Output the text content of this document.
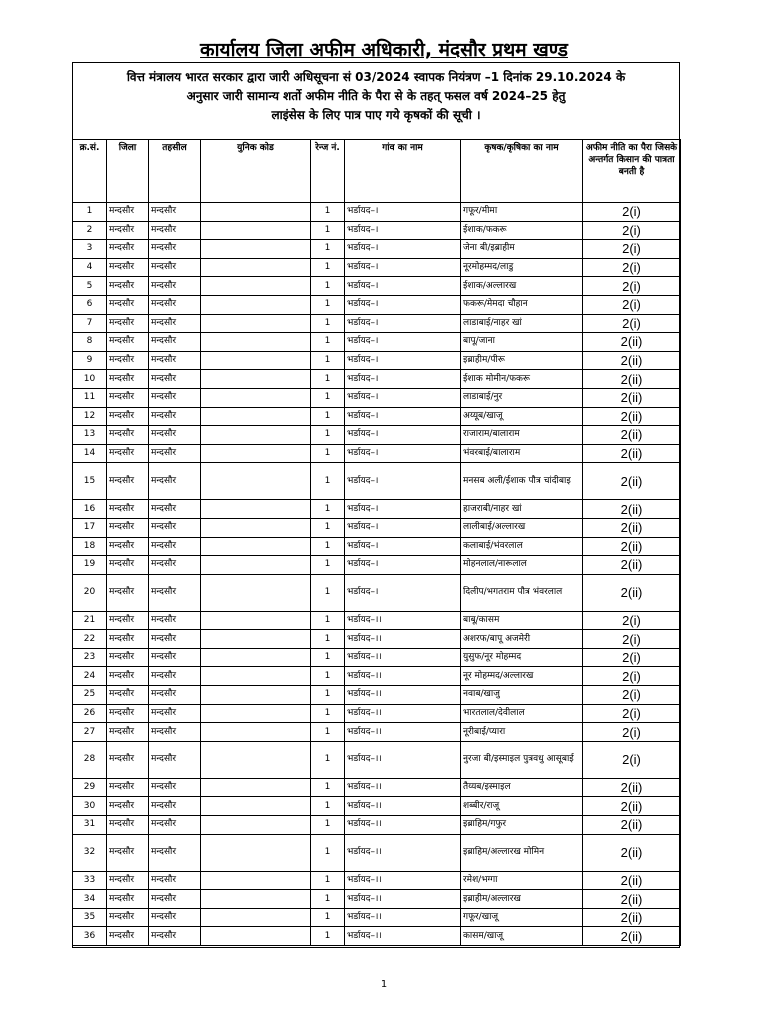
कार्यालय जिला अफीम अधिकारी, मंदसौर प्रथम खण्ड
वित्त मंत्रालय भारत सरकार द्वारा जारी अधिसूचना सं 03/2024 स्वापक नियंत्रण –1 दिनांक 29.10.2024 के
अनुसार जारी सामान्य शर्तो अफीम नीति के पैरा से के तहत् फसल वर्ष 2024–25 हेतु
लाइंसेस के लिए पात्र पाए गये कृषकों की सूची ।
क्र.सं.	जिला	तहसील	युनिक कोड	रेन्ज नं.	गांव का नाम	कृषक/कृषिका का नाम	अफीम नीति का पैरा जिसके अन्तर्गत किसान की पात्रता बनती है
1	मन्दसौर	मन्दसौर		1	भर्डायद–।	गफूर/मीमा	2(i)
2	मन्दसौर	मन्दसौर		1	भर्डायद–।	ईशाक/फकरू	2(i)
3	मन्दसौर	मन्दसौर		1	भर्डायद–।	जेना बी/इब्राहीम	2(i)
4	मन्दसौर	मन्दसौर		1	भर्डायद–।	नूरमोहम्मद/लाडु	2(i)
5	मन्दसौर	मन्दसौर		1	भर्डायद–।	ईशाक/अल्लारख	2(i)
6	मन्दसौर	मन्दसौर		1	भर्डायद–।	फकरू/मेमदा चौहान	2(i)
7	मन्दसौर	मन्दसौर		1	भर्डायद–।	लाडाबाई/नाहर खां	2(i)
8	मन्दसौर	मन्दसौर		1	भर्डायद–।	बापू/जाना	2(ii)
9	मन्दसौर	मन्दसौर		1	भर्डायद–।	इब्राहीम/पीरू	2(ii)
10	मन्दसौर	मन्दसौर		1	भर्डायद–।	ईशाक मोमीन/फकरू	2(ii)
11	मन्दसौर	मन्दसौर		1	भर्डायद–।	लाडाबाई/नुर	2(ii)
12	मन्दसौर	मन्दसौर		1	भर्डायद–।	अय्यूब/खाजू	2(ii)
13	मन्दसौर	मन्दसौर		1	भर्डायद–।	राजाराम/बालाराम	2(ii)
14	मन्दसौर	मन्दसौर		1	भर्डायद–।	भंवरबाई/बालाराम	2(ii)
15	मन्दसौर	मन्दसौर		1	भर्डायद–।	मनसब अली/ईशाक पौत्र चांदीबाइ	2(ii)
16	मन्दसौर	मन्दसौर		1	भर्डायद–।	हाजराबी/नाहर खां	2(ii)
17	मन्दसौर	मन्दसौर		1	भर्डायद–।	लालीबाई/अल्लारख	2(ii)
18	मन्दसौर	मन्दसौर		1	भर्डायद–।	कलाबाई/भंवरलाल	2(ii)
19	मन्दसौर	मन्दसौर		1	भर्डायद–।	मोहनलाल/नारूलाल	2(ii)
20	मन्दसौर	मन्दसौर		1	भर्डायद–।	दिलीप/भगतराम पौत्र भंवरलाल	2(ii)
21	मन्दसौर	मन्दसौर		1	भर्डायद–।।	बाबू/कासम	2(i)
22	मन्दसौर	मन्दसौर		1	भर्डायद–।।	अशरफ/बापू अजमेरी	2(i)
23	मन्दसौर	मन्दसौर		1	भर्डायद–।।	युसुफ/नूर मोहम्मद	2(i)
24	मन्दसौर	मन्दसौर		1	भर्डायद–।।	नूर मोहम्मद/अल्लारख	2(i)
25	मन्दसौर	मन्दसौर		1	भर्डायद–।।	नवाब/खाजु	2(i)
26	मन्दसौर	मन्दसौर		1	भर्डायद–।।	भारतलाल/देवीलाल	2(i)
27	मन्दसौर	मन्दसौर		1	भर्डायद–।।	नूरीबाई/प्यारा	2(i)
28	मन्दसौर	मन्दसौर		1	भर्डायद–।।	नुरजा बी/इस्माइल पुत्रवधु आसूबाई	2(i)
29	मन्दसौर	मन्दसौर		1	भर्डायद–।।	तैय्यब/इस्माइल	2(ii)
30	मन्दसौर	मन्दसौर		1	भर्डायद–।।	शब्बीर/राजू	2(ii)
31	मन्दसौर	मन्दसौर		1	भर्डायद–।।	इब्राहिम/गफुर	2(ii)
32	मन्दसौर	मन्दसौर		1	भर्डायद–।।	इब्राहिम/अल्लारख मोमिन	2(ii)
33	मन्दसौर	मन्दसौर		1	भर्डायद–।।	रमेश/भग्गा	2(ii)
34	मन्दसौर	मन्दसौर		1	भर्डायद–।।	इब्राहीम/अल्लारख	2(ii)
35	मन्दसौर	मन्दसौर		1	भर्डायद–।।	गफूर/खाजू	2(ii)
36	मन्दसौर	मन्दसौर		1	भर्डायद–।।	कासम/खाजू	2(ii)
1
